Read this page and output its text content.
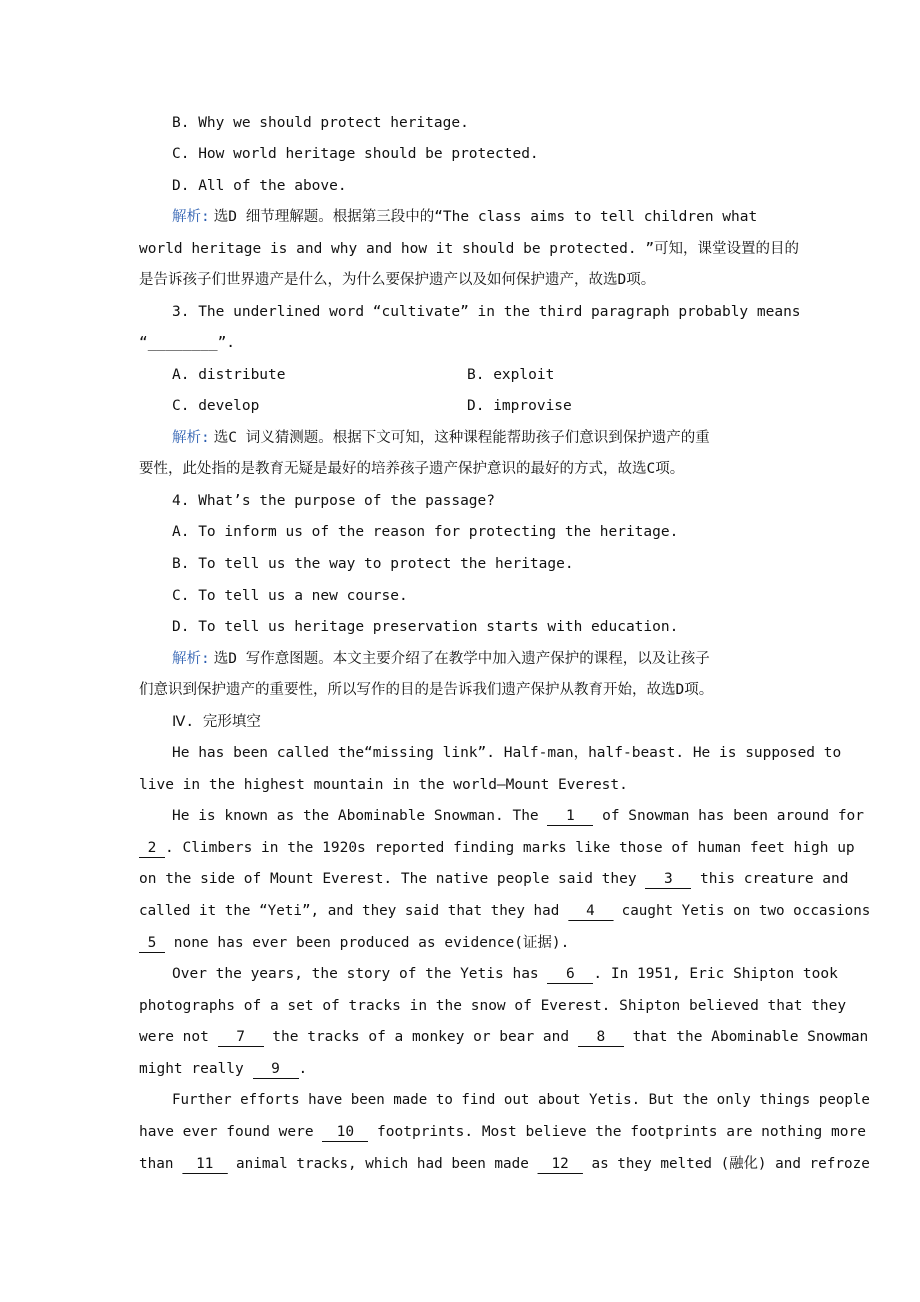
B. Why we should protect heritage.
C. How world heritage should be protected.
D. All of the above.
解析: 选D 细节理解题。根据第三段中的“The class aims to tell children what
world heritage is and why and how it should be protected. ”可知，课堂设置的目的
是告诉孩子们世界遗产是什么，为什么要保护遗产以及如何保护遗产，故选D项。
3. The underlined word “cultivate” in the third paragraph probably means
“________”.
A. distribute	B. exploit
C. develop	D. improvise
解析: 选C 词义猜测题。根据下文可知，这种课程能帮助孩子们意识到保护遗产的重
要性，此处指的是教育无疑是最好的培养孩子遗产保护意识的最好的方式，故选C项。
4. What’s the purpose of the passage?
A. To inform us of the reason for protecting the heritage.
B. To tell us the way to protect the heritage.
C. To tell us a new course.
D. To tell us heritage preservation starts with education.
解析: 选D 写作意图题。本文主要介绍了在教学中加入遗产保护的课程，以及让孩子
们意识到保护遗产的重要性，所以写作的目的是告诉我们遗产保护从教育开始，故选D项。
Ⅳ. 完形填空
He has been called the“missing link”. Half-man，half-beast. He is supposed to
live in the highest mountain in the world—Mount Everest.
He is known as the Abominable Snowman. The 1 of Snowman has been around for
2 . Climbers in the 1920s reported finding marks like those of human feet high up
on the side of Mount Everest. The native people said they 3 this creature and
called it the “Yeti”, and they said that they had 4 caught Yetis on two occasions
5 none has ever been produced as evidence(证据).
Over the years, the story of the Yetis has 6 . In 1951, Eric Shipton took
photographs of a set of tracks in the snow of Everest. Shipton believed that they
were not 7 the tracks of a monkey or bear and 8 that the Abominable Snowman
might really 9 .
Further efforts have been made to find out about Yetis. But the only things people
have ever found were 10 footprints. Most believe the footprints are nothing more
than 11 animal tracks, which had been made 12 as they melted (融化) and refroze
